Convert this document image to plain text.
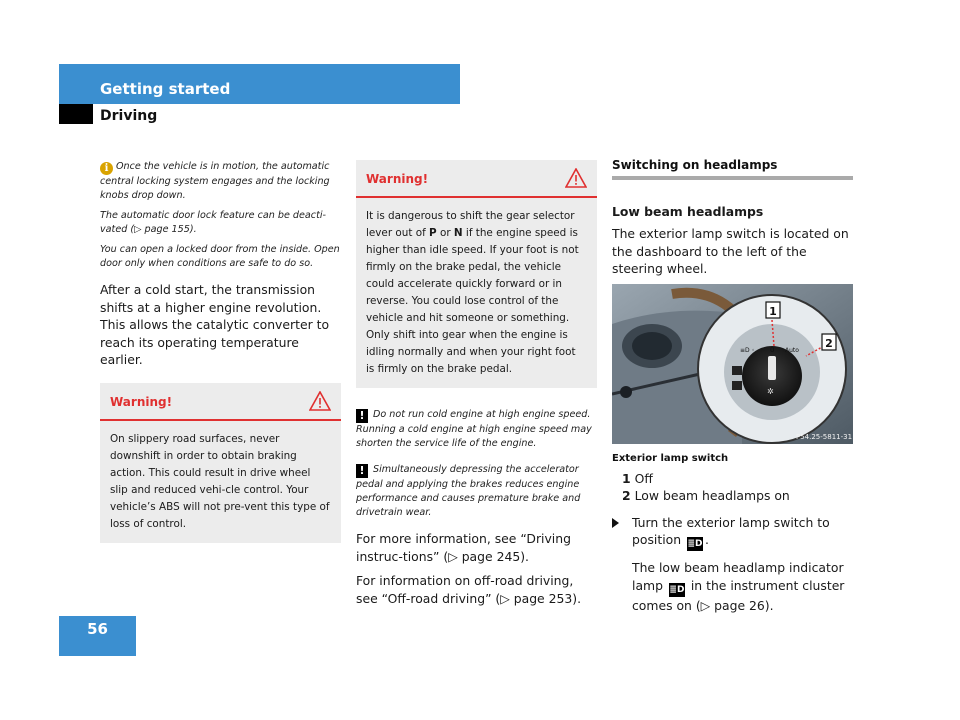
Getting started
Driving
i Once the vehicle is in motion, the automatic central locking system engages and the locking knobs drop down.
The automatic door lock feature can be deacti-vated (▷ page 155).
You can open a locked door from the inside. Open door only when conditions are safe to do so.

After a cold start, the transmission shifts at a higher engine revolution. This allows the catalytic converter to reach its operating temperature earlier.

Warning!
On slippery road surfaces, never downshift in order to obtain braking action. This could result in drive wheel slip and reduced vehi-cle control. Your vehicle’s ABS will not pre-vent this type of loss of control.
Warning!
It is dangerous to shift the gear selector lever out of P or N if the engine speed is higher than idle speed. If your foot is not firmly on the brake pedal, the vehicle could accelerate quickly forward or in reverse. You could lose control of the vehicle and hit someone or something. Only shift into gear when the engine is idling normally and when your right foot is firmly on the brake pedal.
! Do not run cold engine at high engine speed. Running a cold engine at high engine speed may shorten the service life of the engine.
! Simultaneously depressing the accelerator pedal and applying the brakes reduces engine performance and causes premature brake and drivetrain wear.

For more information, see “Driving instruc-tions” (▷ page 245).

For information on off-road driving, see “Off-road driving” (▷ page 253).

Switching on headlamps
Low beam headlamps
The exterior lamp switch is located on the dashboard to the left of the steering wheel.
0 Auto
≡D ◦
✲
1
2
P54.25-5811-31
Exterior lamp switch
1 Off
2 Low beam headlamps on
Turn the exterior lamp switch to position ≣D .
The low beam headlamp indicator lamp ≣D in the instrument cluster comes on (▷ page 26).
56
